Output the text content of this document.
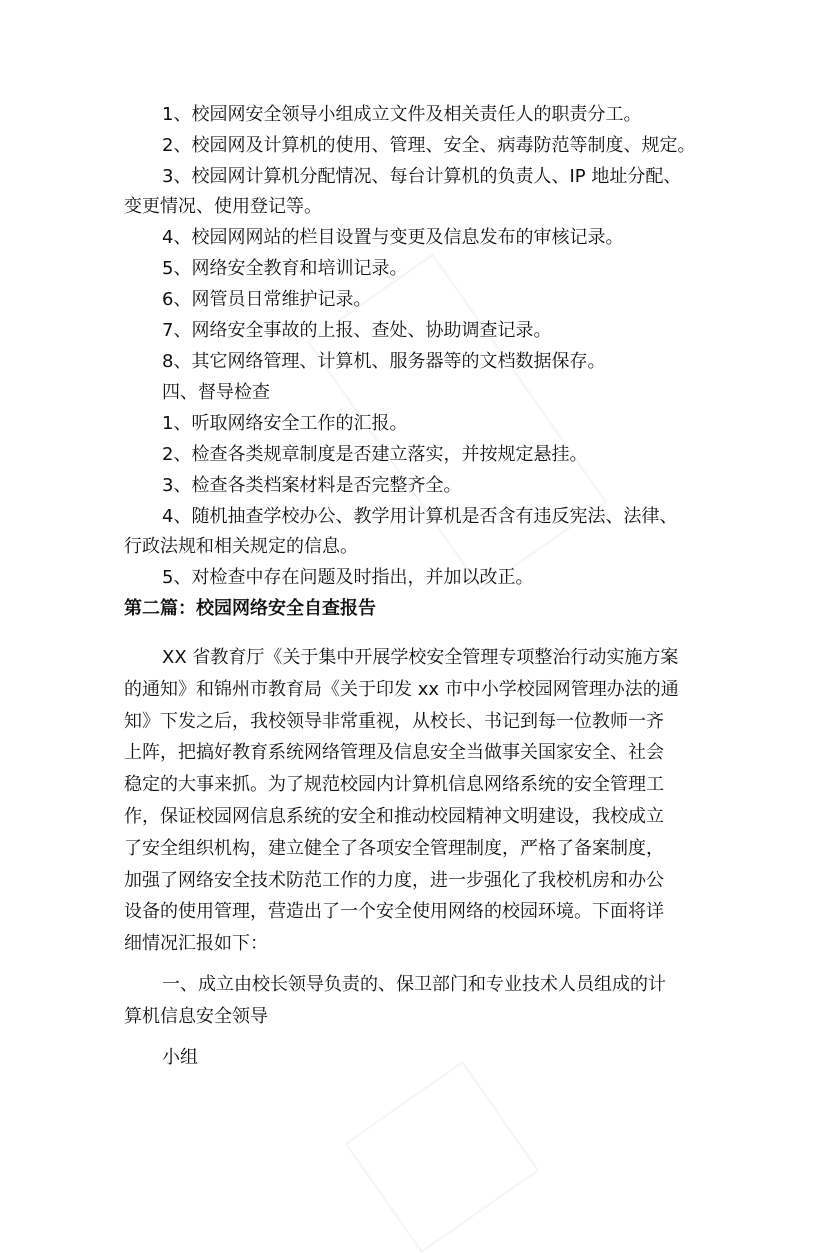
1、校园网安全领导小组成立文件及相关责任人的职责分工。

2、校园网及计算机的使用、管理、安全、病毒防范等制度、规定。

3、校园网计算机分配情况、每台计算机的负责人、IP 地址分配、

变更情况、使用登记等。

4、校园网网站的栏目设置与变更及信息发布的审核记录。

5、网络安全教育和培训记录。

6、网管员日常维护记录。

7、网络安全事故的上报、查处、协助调查记录。

8、其它网络管理、计算机、服务器等的文档数据保存。

四、督导检查

1、听取网络安全工作的汇报。

2、检查各类规章制度是否建立落实，并按规定悬挂。

3、检查各类档案材料是否完整齐全。

4、随机抽查学校办公、教学用计算机是否含有违反宪法、法律、

行政法规和相关规定的信息。

5、对检查中存在问题及时指出，并加以改正。

第二篇：校园网络安全自查报告

XX 省教育厅《关于集中开展学校安全管理专项整治行动实施方案

的通知》和锦州市教育局《关于印发 xx 市中小学校园网管理办法的通

知》下发之后，我校领导非常重视，从校长、书记到每一位教师一齐

上阵，把搞好教育系统网络管理及信息安全当做事关国家安全、社会

稳定的大事来抓。为了规范校园内计算机信息网络系统的安全管理工

作，保证校园网信息系统的安全和推动校园精神文明建设，我校成立

了安全组织机构，建立健全了各项安全管理制度，严格了备案制度，

加强了网络安全技术防范工作的力度，进一步强化了我校机房和办公

设备的使用管理，营造出了一个安全使用网络的校园环境。下面将详

细情况汇报如下：

一、成立由校长领导负责的、保卫部门和专业技术人员组成的计

算机信息安全领导

小组
